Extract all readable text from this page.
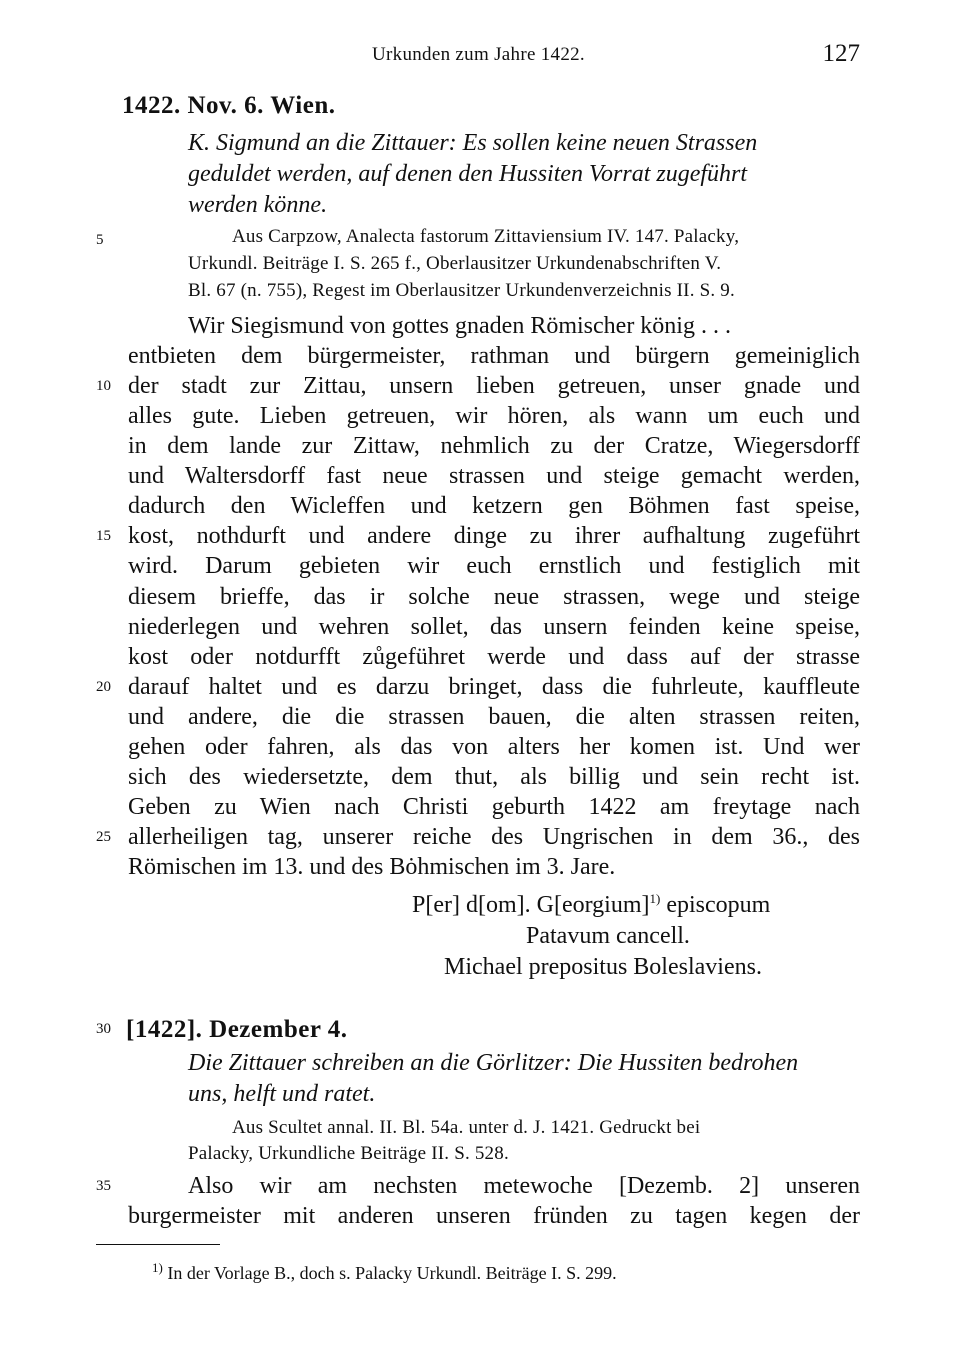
Urkunden zum Jahre 1422.	127
1422. Nov. 6. Wien.
K. Sigmund an die Zittauer: Es sollen keine neuen Strassen
geduldet werden, auf denen den Hussiten Vorrat zugeführt
werden könne.
Aus Carpzow, Analecta fastorum Zittaviensium IV. 147. Palacky,
Urkundl. Beiträge I. S. 265 f., Oberlausitzer Urkundenabschriften V.
Bl. 67 (n. 755), Regest im Oberlausitzer Urkundenverzeichnis II. S. 9.
Wir Siegismund von gottes gnaden Römischer könig . . .
entbieten dem bürgermeister, rathman und bürgern gemeiniglich
der stadt zur Zittau, unsern lieben getreuen, unser gnade und
alles gute. Lieben getreuen, wir hören, als wann um euch und
in dem lande zur Zittaw, nehmlich zu der Cratze, Wiegersdorff
und Waltersdorff fast neue strassen und steige gemacht werden,
dadurch den Wicleffen und ketzern gen Böhmen fast speise,
kost, nothdurft und andere dinge zu ihrer aufhaltung zugeführt
wird. Darum gebieten wir euch ernstlich und festiglich mit
diesem brieffe, das ir solche neue strassen, wege und steige
niederlegen und wehren sollet, das unsern feinden keine speise,
kost oder notdurfft zůgeführet werde und dass auf der strasse
darauf haltet und es darzu bringet, dass die fuhrleute, kauffleute
und andere, die die strassen bauen, die alten strassen reiten,
gehen oder fahren, als das von alters her komen ist. Und wer
sich des wiedersetzte, dem thut, als billig und sein recht ist.
Geben zu Wien nach Christi geburth 1422 am freytage nach
allerheiligen tag, unserer reiche des Ungrischen in dem 36., des
Römischen im 13. und des Bȯhmischen im 3. Jare.
P[er] d[om]. G[eorgium]$^{1)}$ episcopum
Patavum cancell.
Michael prepositus Boleslaviens.
[1422]. Dezember 4.
Die Zittauer schreiben an die Görlitzer: Die Hussiten bedrohen
uns, helft und ratet.
Aus Scultet annal. II. Bl. 54a. unter d. J. 1421. Gedruckt bei
Palacky, Urkundliche Beiträge II. S. 528.
Also wir am nechsten metewoche [Dezemb. 2] unseren
burgermeister mit anderen unseren fründen zu tagen kegen der
5
10
15
20
25
30
35
$^{1)}$ In der Vorlage B., doch s. Palacky Urkundl. Beiträge I. S. 299.
